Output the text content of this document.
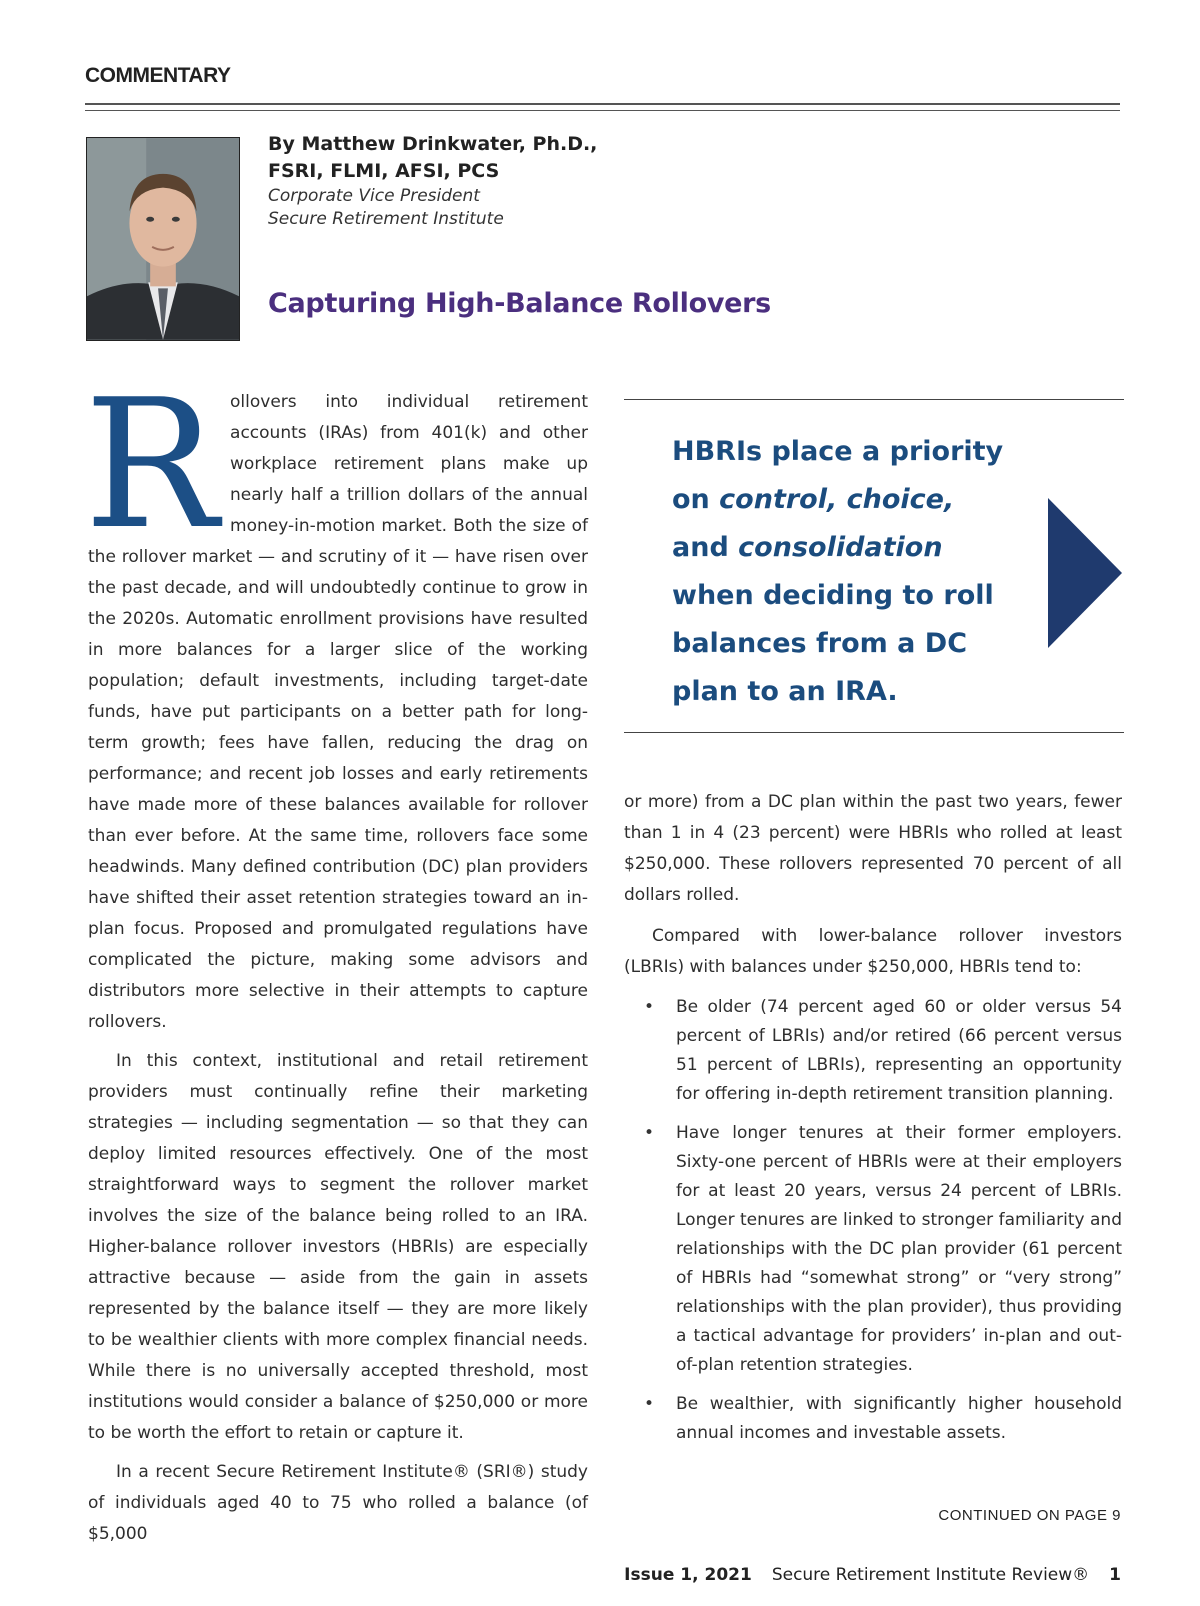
COMMENTARY
By Matthew Drinkwater, Ph.D.,
FSRI, FLMI, AFSI, PCS
Corporate Vice President
Secure Retirement Institute
Capturing High-Balance Rollovers

Rollovers into individual retirement accounts (IRAs) from 401(k) and other workplace retirement plans make up nearly half a trillion dollars of the annual money-in-motion market. Both the size of the rollover market — and scrutiny of it — have risen over the past decade, and will undoubtedly continue to grow in the 2020s. Automatic enrollment provisions have resulted in more balances for a larger slice of the working population; default investments, including target-date funds, have put participants on a better path for long-term growth; fees have fallen, reducing the drag on performance; and recent job losses and early retirements have made more of these balances available for rollover than ever before. At the same time, rollovers face some headwinds. Many defined contribution (DC) plan providers have shifted their asset retention strategies toward an in-plan focus. Proposed and promulgated regulations have complicated the picture, making some advisors and distributors more selective in their attempts to capture rollovers.

In this context, institutional and retail retirement providers must continually refine their marketing strategies — including segmentation — so that they can deploy limited resources effectively. One of the most straightforward ways to segment the rollover market involves the size of the balance being rolled to an IRA. Higher-balance rollover investors (HBRIs) are especially attractive because — aside from the gain in assets represented by the balance itself — they are more likely to be wealthier clients with more complex financial needs. While there is no universally accepted threshold, most institutions would consider a balance of $250,000 or more to be worth the effort to retain or capture it.

In a recent Secure Retirement Institute® (SRI®) study of individuals aged 40 to 75 who rolled a balance (of $5,000

HBRIs place a priority on control, choice, and consolidation when deciding to roll balances from a DC plan to an IRA.

or more) from a DC plan within the past two years, fewer than 1 in 4 (23 percent) were HBRIs who rolled at least $250,000. These rollovers represented 70 percent of all dollars rolled.

Compared with lower-balance rollover investors (LBRIs) with balances under $250,000, HBRIs tend to:

• Be older (74 percent aged 60 or older versus 54 percent of LBRIs) and/or retired (66 percent versus 51 percent of LBRIs), representing an opportunity for offering in-depth retirement transition planning.
• Have longer tenures at their former employers. Sixty-one percent of HBRIs were at their employers for at least 20 years, versus 24 percent of LBRIs. Longer tenures are linked to stronger familiarity and relationships with the DC plan provider (61 percent of HBRIs had “somewhat strong” or “very strong” relationships with the plan provider), thus providing a tactical advantage for providers’ in-plan and out-of-plan retention strategies.
• Be wealthier, with significantly higher household annual incomes and investable assets.
CONTINUED ON PAGE 9
Issue 1, 2021 Secure Retirement Institute Review® 1
